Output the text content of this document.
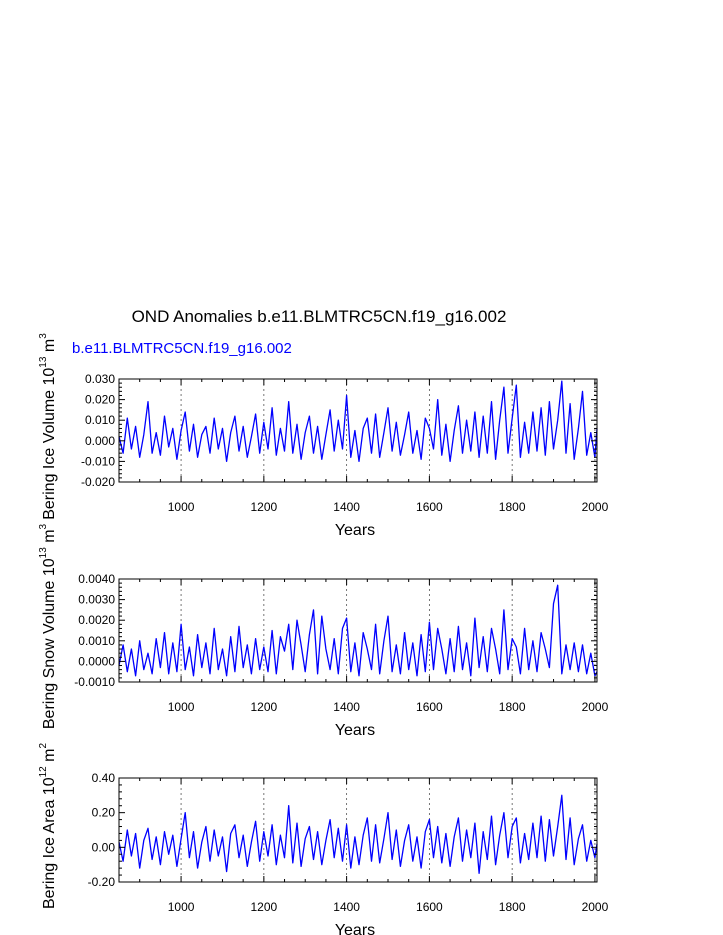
OND Anomalies b.e11.BLMTRC5CN.f19_g16.002
b.e11.BLMTRC5CN.f19_g16.002
1000	1200	1400	1600	1800	2000
-0.020
-0.010
0.000
0.010
0.020
0.030
Years
Bering Ice Volume $10^{13}$ $m^3$
1000	1200	1400	1600	1800	2000
-0.0010
0.0000
0.0010
0.0020
0.0030
0.0040
Years
Bering Snow Volume $10^{13}$ $m^3$
1000	1200	1400	1600	1800	2000
-0.20
0.00
0.20
0.40
Years
Bering Ice Area $10^{12}$ $m^2$
